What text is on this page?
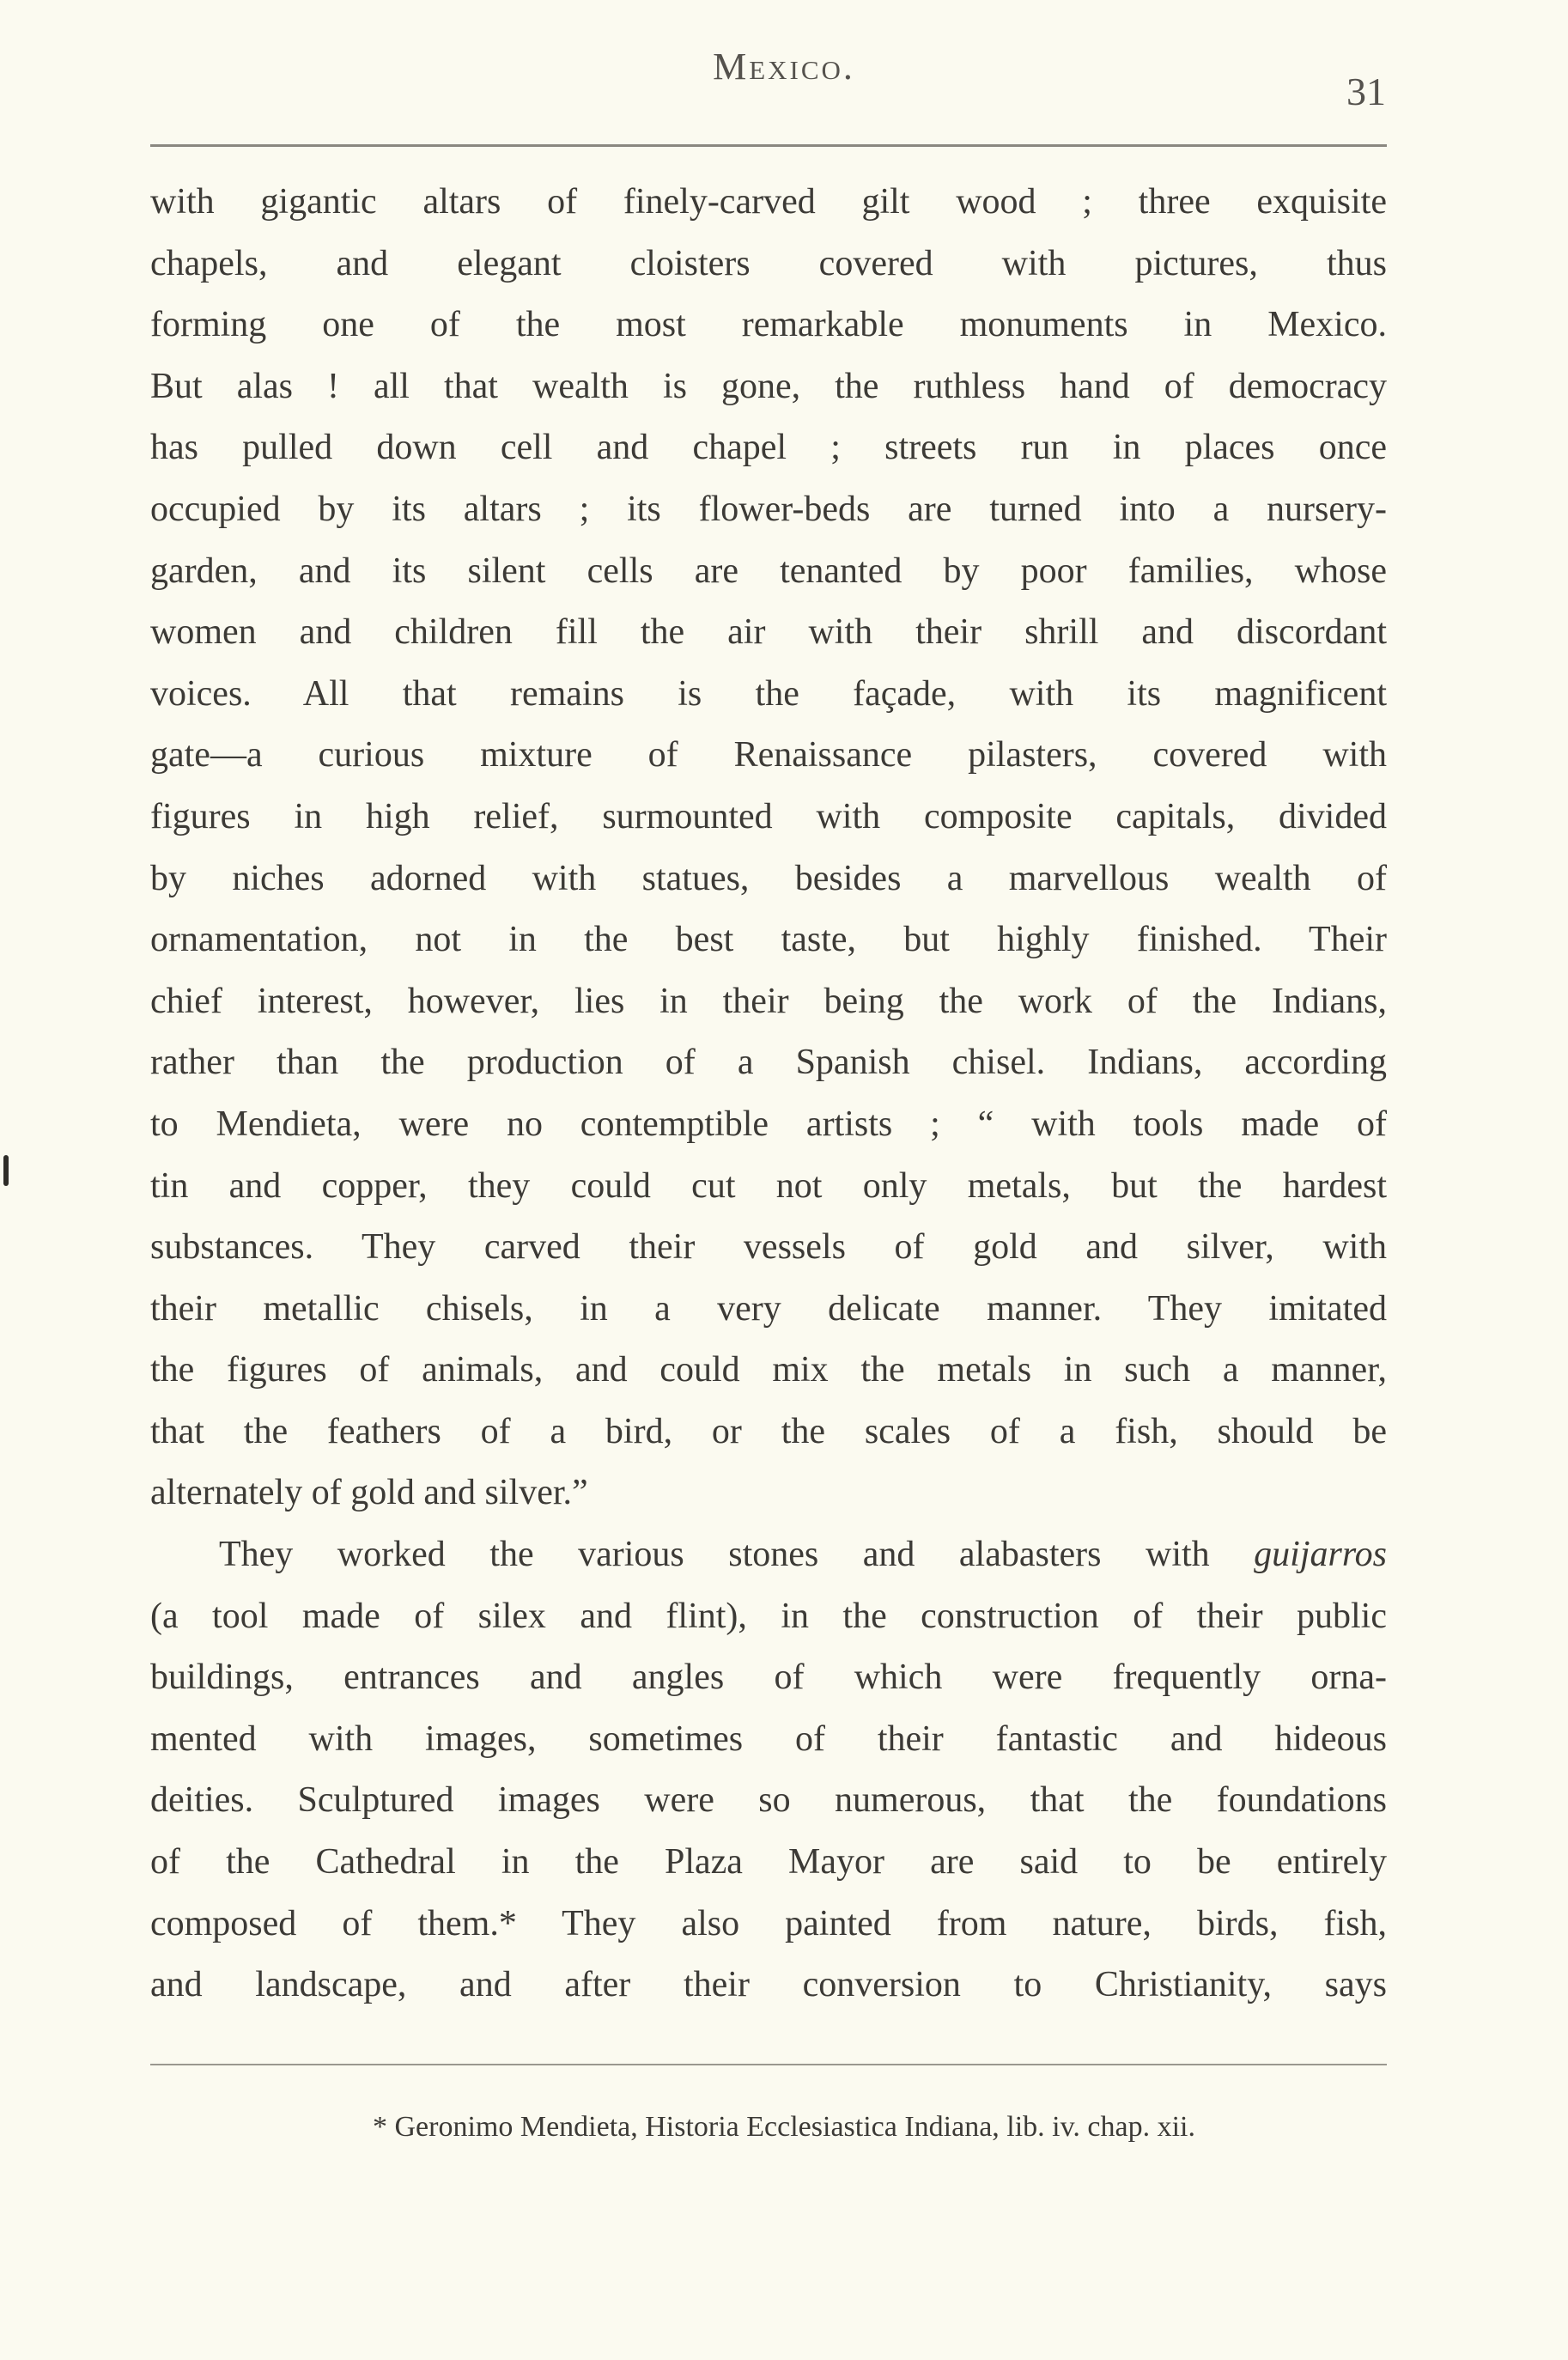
Mexico.
31
with gigantic altars of finely-carved gilt wood ; three exquisite
chapels, and elegant cloisters covered with pictures, thus
forming one of the most remarkable monuments in Mexico.
But alas ! all that wealth is gone, the ruthless hand of democracy
has pulled down cell and chapel ; streets run in places once
occupied by its altars ; its flower-beds are turned into a nursery-
garden, and its silent cells are tenanted by poor families, whose
women and children fill the air with their shrill and discordant
voices. All that remains is the façade, with its magnificent
gate—a curious mixture of Renaissance pilasters, covered with
figures in high relief, surmounted with composite capitals, divided
by niches adorned with statues, besides a marvellous wealth of
ornamentation, not in the best taste, but highly finished. Their
chief interest, however, lies in their being the work of the Indians,
rather than the production of a Spanish chisel. Indians, according
to Mendieta, were no contemptible artists ; “ with tools made of
tin and copper, they could cut not only metals, but the hardest
substances. They carved their vessels of gold and silver, with
their metallic chisels, in a very delicate manner. They imitated
the figures of animals, and could mix the metals in such a manner,
that the feathers of a bird, or the scales of a fish, should be
alternately of gold and silver.”
They worked the various stones and alabasters with guijarros
(a tool made of silex and flint), in the construction of their public
buildings, entrances and angles of which were frequently orna-
mented with images, sometimes of their fantastic and hideous
deities. Sculptured images were so numerous, that the foundations
of the Cathedral in the Plaza Mayor are said to be entirely
composed of them.* They also painted from nature, birds, fish,
and landscape, and after their conversion to Christianity, says
* Geronimo Mendieta, Historia Ecclesiastica Indiana, lib. iv. chap. xii.
